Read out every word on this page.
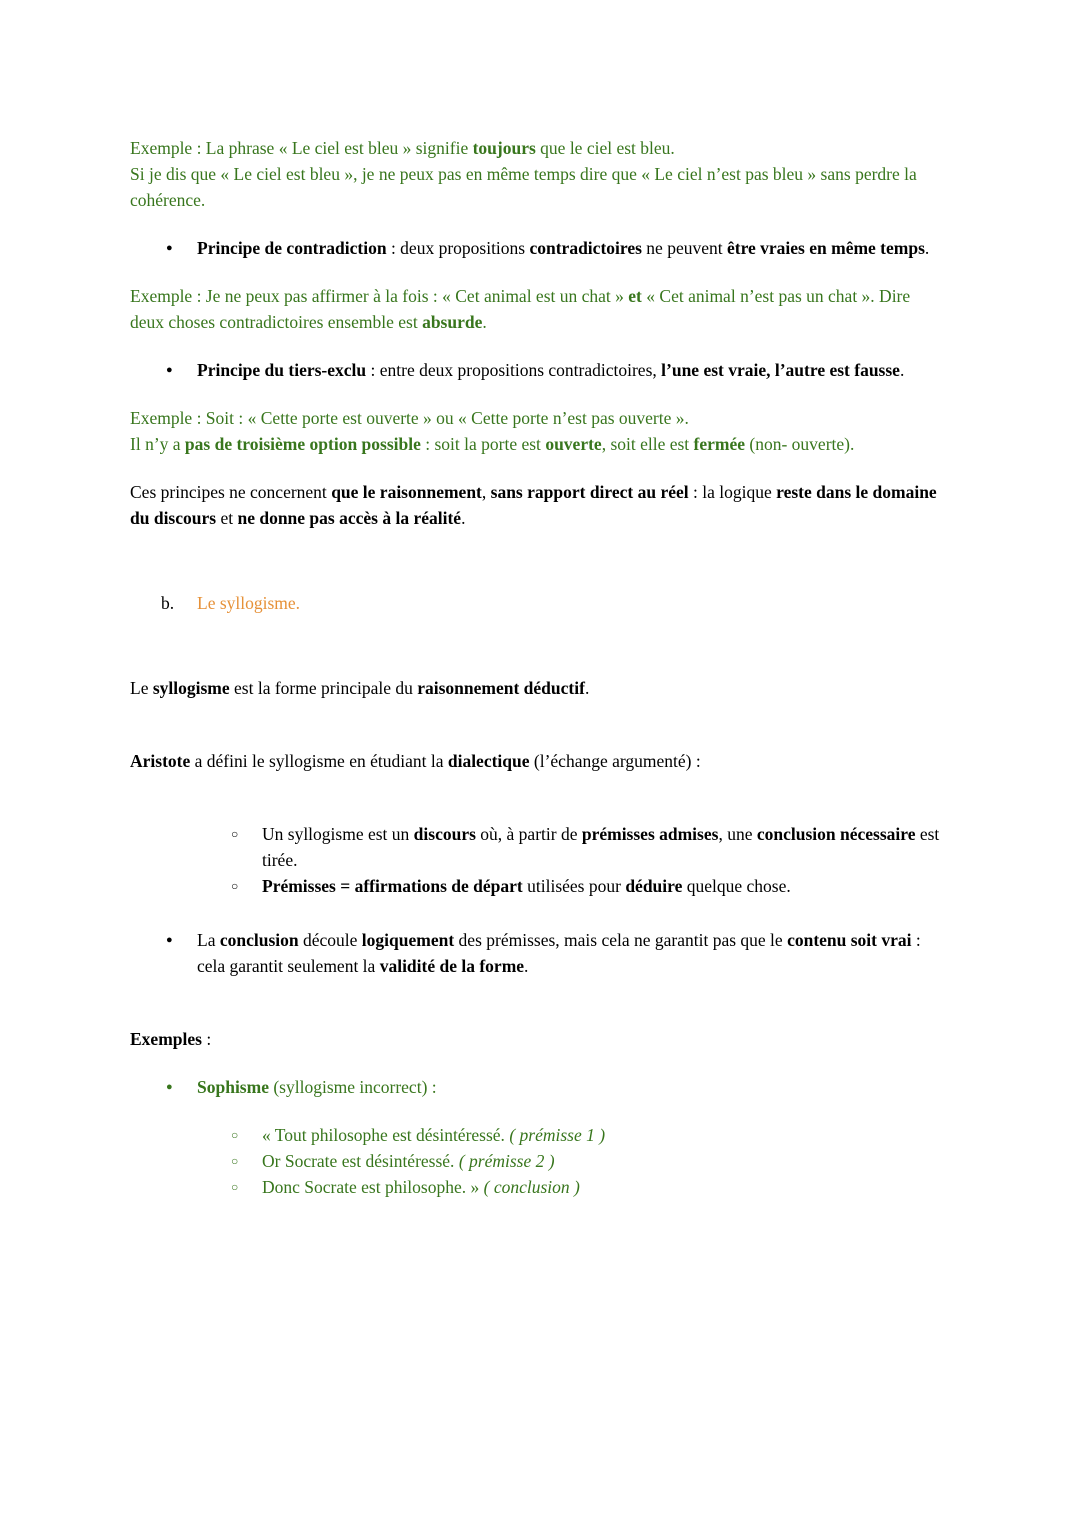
Exemple : La phrase « Le ciel est bleu » signifie toujours que le ciel est bleu.
Si je dis que « Le ciel est bleu », je ne peux pas en même temps dire que « Le ciel n’est pas bleu » sans perdre la cohérence.
●	Principe de contradiction : deux propositions contradictoires ne peuvent être vraies en même temps.
Exemple : Je ne peux pas affirmer à la fois : « Cet animal est un chat » et « Cet animal n’est pas un chat ». Dire deux choses contradictoires ensemble est absurde.
●	Principe du tiers-exclu : entre deux propositions contradictoires, l’une est vraie, l’autre est fausse.
Exemple : Soit : « Cette porte est ouverte » ou « Cette porte n’est pas ouverte ».
Il n’y a pas de troisième option possible : soit la porte est ouverte, soit elle est fermée (non- ouverte).
Ces principes ne concernent que le raisonnement, sans rapport direct au réel : la logique reste dans le domaine du discours et ne donne pas accès à la réalité.
b.	Le syllogisme.
Le syllogisme est la forme principale du raisonnement déductif.
Aristote a défini le syllogisme en étudiant la dialectique (l’échange argumenté) :
○	Un syllogisme est un discours où, à partir de prémisses admises, une conclusion nécessaire est tirée.
○	Prémisses = affirmations de départ utilisées pour déduire quelque chose.
●	La conclusion découle logiquement des prémisses, mais cela ne garantit pas que le contenu soit vrai : cela garantit seulement la validité de la forme.
Exemples :
●	Sophisme (syllogisme incorrect) :
○	« Tout philosophe est désintéressé. ( prémisse 1 )
○	Or Socrate est désintéressé. ( prémisse 2 )
○	Donc Socrate est philosophe. » ( conclusion )
